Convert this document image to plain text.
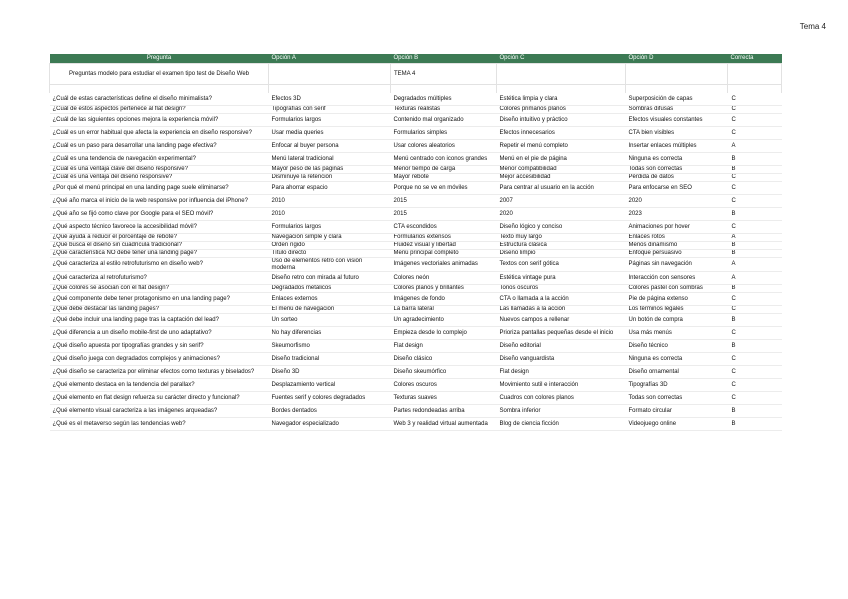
Tema 4
Preguntas modelo para estudiar el examen tipo test de Diseño Web		TEMA 4			

Pregunta	Opción A	Opción B	Opción C	Opción D	Correcta
¿Cuál de estas características define el diseño minimalista?	Efectos 3D	Degradados múltiples	Estética limpia y clara	Superposición de capas	C
¿Cuál de estos aspectos pertenece al flat design?	Tipografías con serif	Texturas realistas	Colores primarios planos	Sombras difusas	C
¿Cuál de las siguientes opciones mejora la experiencia móvil?	Formularios largos	Contenido mal organizado	Diseño intuitivo y práctico	Efectos visuales constantes	C
¿Cuál es un error habitual que afecta la experiencia en diseño responsive?	Usar media queries	Formularios simples	Efectos innecesarios	CTA bien visibles	C
¿Cuál es un paso para desarrollar una landing page efectiva?	Enfocar al buyer persona	Usar colores aleatorios	Repetir el menú completo	Insertar enlaces múltiples	A
¿Cuál es una tendencia de navegación experimental?	Menú lateral tradicional	Menú centrado con iconos grandes	Menú en el pie de página	Ninguna es correcta	B
¿Cuál es una ventaja clave del diseño responsive?	Mayor peso de las páginas	Menor tiempo de carga	Menor compatibilidad	Todas son correctas	B
¿Cuál es una ventaja del diseño responsive?	Disminuye la retención	Mayor rebote	Mejor accesibilidad	Pérdida de datos	C
¿Por qué el menú principal en una landing page suele eliminarse?	Para ahorrar espacio	Porque no se ve en móviles	Para centrar al usuario en la acción	Para enfocarse en SEO	C
¿Qué año marca el inicio de la web responsive por influencia del iPhone?	2010	2015	2007	2020	C
¿Qué año se fijó como clave por Google para el SEO móvil?	2010	2015	2020	2023	B
¿Qué aspecto técnico favorece la accesibilidad móvil?	Formularios largos	CTA escondidos	Diseño lógico y conciso	Animaciones por hover	C
¿Qué ayuda a reducir el porcentaje de rebote?	Navegación simple y clara	Formularios extensos	Texto muy largo	Enlaces rotos	A
¿Qué busca el diseño sin cuadrícula tradicional?	Orden rígido	Fluidez visual y libertad	Estructura clásica	Menos dinamismo	B
¿Qué característica NO debe tener una landing page?	Título directo	Menú principal completo	Diseño limpio	Enfoque persuasivo	B
¿Qué caracteriza al estilo retrofuturismo en diseño web?	Uso de elementos retro con visión moderna	Imágenes vectoriales animadas	Textos con serif gótica	Páginas sin navegación	A
¿Qué caracteriza al retrofuturismo?	Diseño retro con mirada al futuro	Colores neón	Estética vintage pura	Interacción con sensores	A
¿Qué colores se asocian con el flat design?	Degradados metálicos	Colores planos y brillantes	Tonos oscuros	Colores pastel con sombras	B
¿Qué componente debe tener protagonismo en una landing page?	Enlaces externos	Imágenes de fondo	CTA o llamada a la acción	Pie de página extenso	C
¿Qué debe destacar las landing pages?	El menú de navegación	La barra lateral	Las llamadas a la acción	Los términos legales	C
¿Qué debe incluir una landing page tras la captación del lead?	Un sorteo	Un agradecimiento	Nuevos campos a rellenar	Un botón de compra	B
¿Qué diferencia a un diseño mobile-first de uno adaptativo?	No hay diferencias	Empieza desde lo complejo	Prioriza pantallas pequeñas desde el inicio	Usa más menús	C
¿Qué diseño apuesta por tipografías grandes y sin serif?	Skeumorfismo	Flat design	Diseño editorial	Diseño técnico	B
¿Qué diseño juega con degradados complejos y animaciones?	Diseño tradicional	Diseño clásico	Diseño vanguardista	Ninguna es correcta	C
¿Qué diseño se caracteriza por eliminar efectos como texturas y biselados?	Diseño 3D	Diseño skeumórfico	Flat design	Diseño ornamental	C
¿Qué elemento destaca en la tendencia del parallax?	Desplazamiento vertical	Colores oscuros	Movimiento sutil e interacción	Tipografías 3D	C
¿Qué elemento en flat design refuerza su carácter directo y funcional?	Fuentes serif y colores degradados	Texturas suaves	Cuadros con colores planos	Todas son correctas	C
¿Qué elemento visual caracteriza a las imágenes arqueadas?	Bordes dentados	Partes redondeadas arriba	Sombra inferior	Formato circular	B
¿Qué es el metaverso según las tendencias web?	Navegador especializado	Web 3 y realidad virtual aumentada	Blog de ciencia ficción	Videojuego online	B
